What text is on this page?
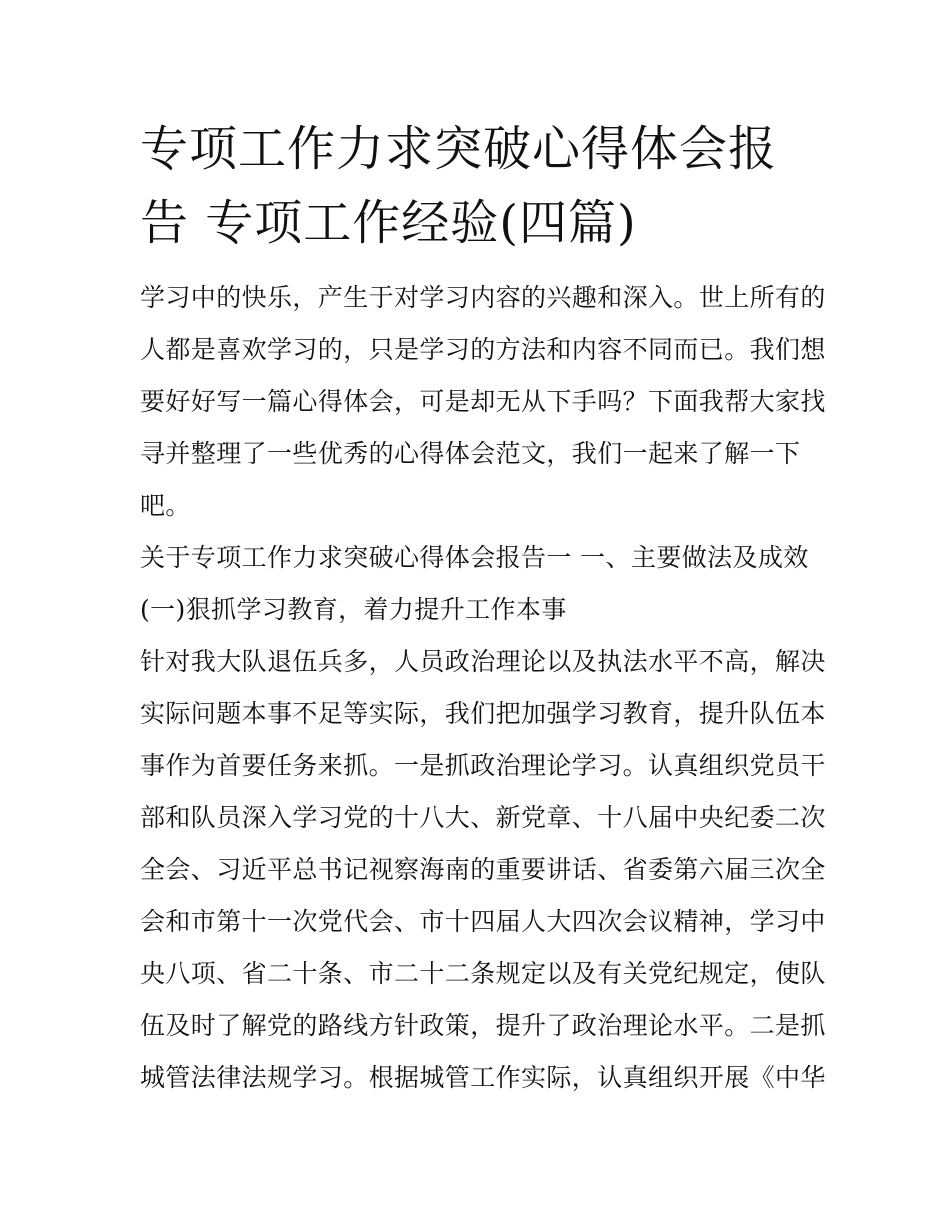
专项工作力求突破心得体会报
告 专项工作经验(四篇)
学习中的快乐，产生于对学习内容的兴趣和深入。世上所有的
人都是喜欢学习的，只是学习的方法和内容不同而已。我们想
要好好写一篇心得体会，可是却无从下手吗？下面我帮大家找
寻并整理了一些优秀的心得体会范文，我们一起来了解一下
吧。
关于专项工作力求突破心得体会报告一 一、主要做法及成效
(一)狠抓学习教育，着力提升工作本事
针对我大队退伍兵多，人员政治理论以及执法水平不高，解决
实际问题本事不足等实际，我们把加强学习教育，提升队伍本
事作为首要任务来抓。一是抓政治理论学习。认真组织党员干
部和队员深入学习党的十八大、新党章、十八届中央纪委二次
全会、习近平总书记视察海南的重要讲话、省委第六届三次全
会和市第十一次党代会、市十四届人大四次会议精神，学习中
央八项、省二十条、市二十二条规定以及有关党纪规定，使队
伍及时了解党的路线方针政策，提升了政治理论水平。二是抓
城管法律法规学习。根据城管工作实际，认真组织开展《中华
